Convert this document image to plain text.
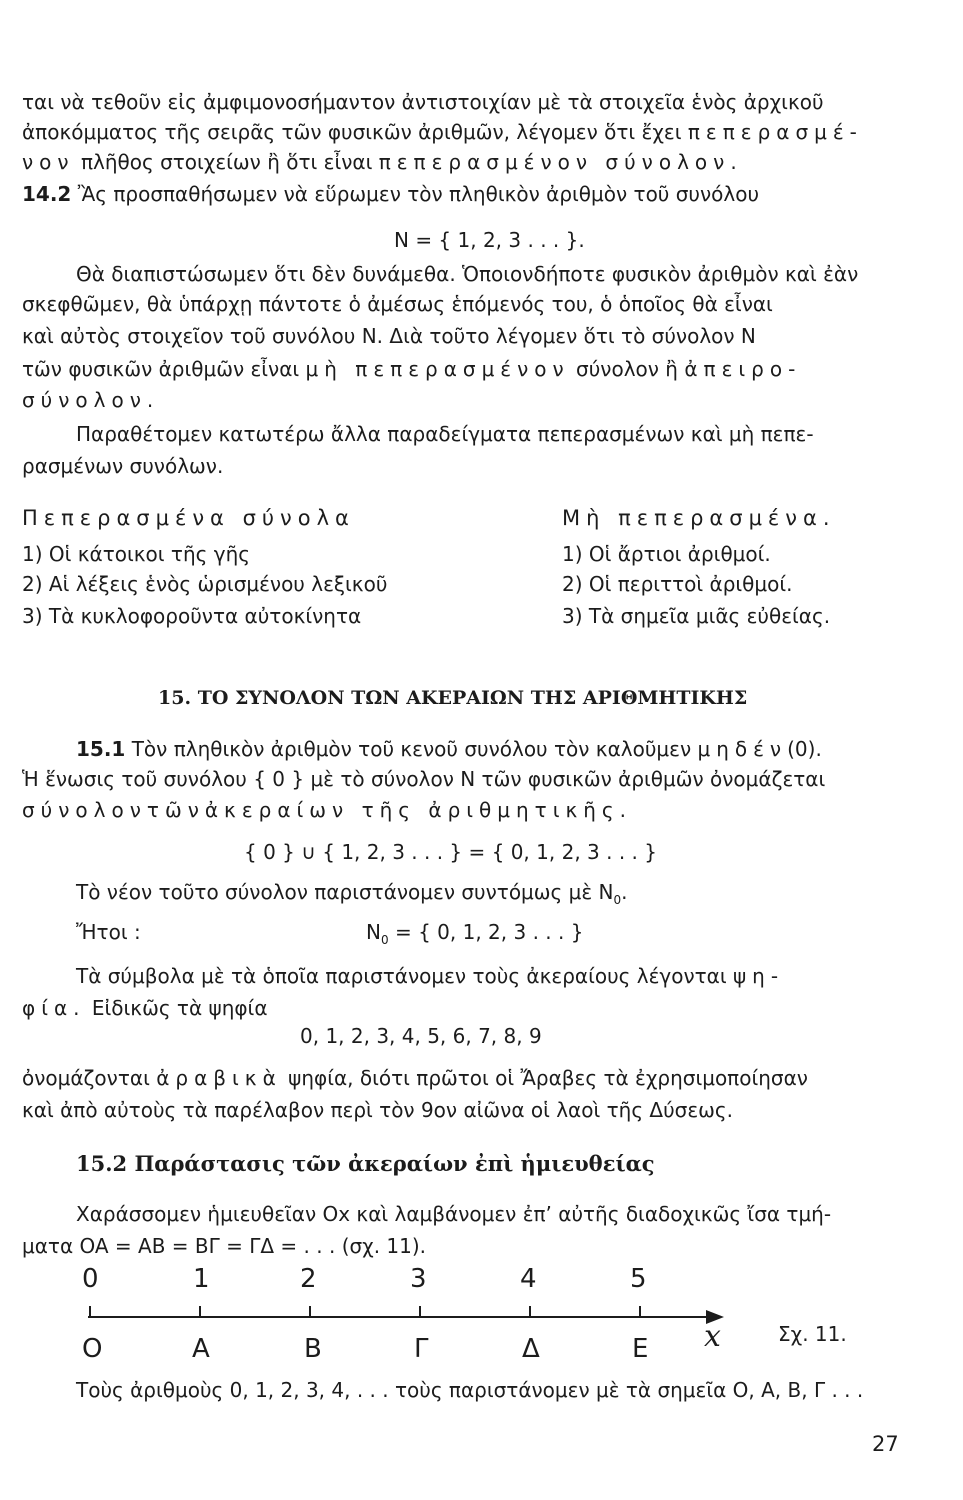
ται νὰ τεθοῦν εἰς ἀμφιμονοσήμαντον ἀντιστοιχίαν μὲ τὰ στοιχεῖα ἑνὸς ἀρχικοῦ
ἀποκόμματος τῆς σειρᾶς τῶν φυσικῶν ἀριθμῶν, λέγομεν ὅτι ἔχει πεπερασμέ-
νον πλῆθος στοιχείων ἢ ὅτι εἶναι πεπερασμένον σύνολον.
14.2 Ἂς προσπαθήσωμεν νὰ εὕρωμεν τὸν πληθικὸν ἀριθμὸν τοῦ συνόλου
N = { 1, 2, 3 . . . }.
Θὰ διαπιστώσωμεν ὅτι δὲν δυνάμεθα. Ὁποιονδήποτε φυσικὸν ἀριθμὸν καὶ ἐὰν
σκεφθῶμεν, θὰ ὑπάρχῃ πάντοτε ὁ ἀμέσως ἑπόμενός του, ὁ ὁποῖος θὰ εἶναι
καὶ αὐτὸς στοιχεῖον τοῦ συνόλου N. Διὰ τοῦτο λέγομεν ὅτι τὸ σύνολον N
τῶν φυσικῶν ἀριθμῶν εἶναι μὴ πεπερασμένον σύνολον ἢ ἀπειρο-
σύνολον.
Παραθέτομεν κατωτέρω ἄλλα παραδείγματα πεπερασμένων καὶ μὴ πεπε-
ρασμένων συνόλων.
Πεπερασμένα σύνολα	Μὴ πεπερασμένα.
1) Οἱ κάτοικοι τῆς γῆς
2) Αἱ λέξεις ἑνὸς ὡρισμένου λεξικοῦ
3) Τὰ κυκλοφοροῦντα αὐτοκίνητα
1) Οἱ ἄρτιοι ἀριθμοί.
2) Οἱ περιττοὶ ἀριθμοί.
3) Τὰ σημεῖα μιᾶς εὐθείας.
15. ΤΟ ΣΥΝΟΛΟΝ ΤΩΝ ΑΚΕΡΑΙΩΝ ΤΗΣ ΑΡΙΘΜΗΤΙΚΗΣ
15.1 Τὸν πληθικὸν ἀριθμὸν τοῦ κενοῦ συνόλου τὸν καλοῦμεν μηδέν(0).
Ἡ ἕνωσις τοῦ συνόλου { 0 } μὲ τὸ σύνολον N τῶν φυσικῶν ἀριθμῶν ὀνομάζεται
σύνολοντῶνἀκεραίων τῆς ἀριθμητικῆς.
{ 0 } ∪ { 1, 2, 3 . . . } = { 0, 1, 2, 3 . . . }
Τὸ νέον τοῦτο σύνολον παριστάνομεν συντόμως μὲ $N_0$.
Ἤτοι :	$N_0$ = { 0, 1, 2, 3 . . . }
Τὰ σύμβολα μὲ τὰ ὁποῖα παριστάνομεν τοὺς ἀκεραίους λέγονται ψη-
φία. Εἰδικῶς τὰ ψηφία
0, 1, 2, 3, 4, 5, 6, 7, 8, 9
ὀνομάζονται ἀραβικὰ ψηφία, διότι πρῶτοι οἱ Ἄραβες τὰ ἐχρησιμοποίησαν
καὶ ἀπὸ αὐτοὺς τὰ παρέλαβον περὶ τὸν 9ον αἰῶνα οἱ λαοὶ τῆς Δύσεως.
15.2 Παράστασις τῶν ἀκεραίων ἐπὶ ἡμιευθείας
Χαράσσομεν ἡμιευθεῖαν Ox καὶ λαμβάνομεν ἐπ’ αὐτῆς διαδοχικῶς ἴσα τμή-
ματα OA = AB = BΓ = ΓΔ = . . . (σχ. 11).
0	1	2	3	4	5
O	A	B	Γ	Δ	E x	Σχ. 11.
Τοὺς ἀριθμοὺς 0, 1, 2, 3, 4, . . . τοὺς παριστάνομεν μὲ τὰ σημεῖα O, A, B, Γ . . .
27
